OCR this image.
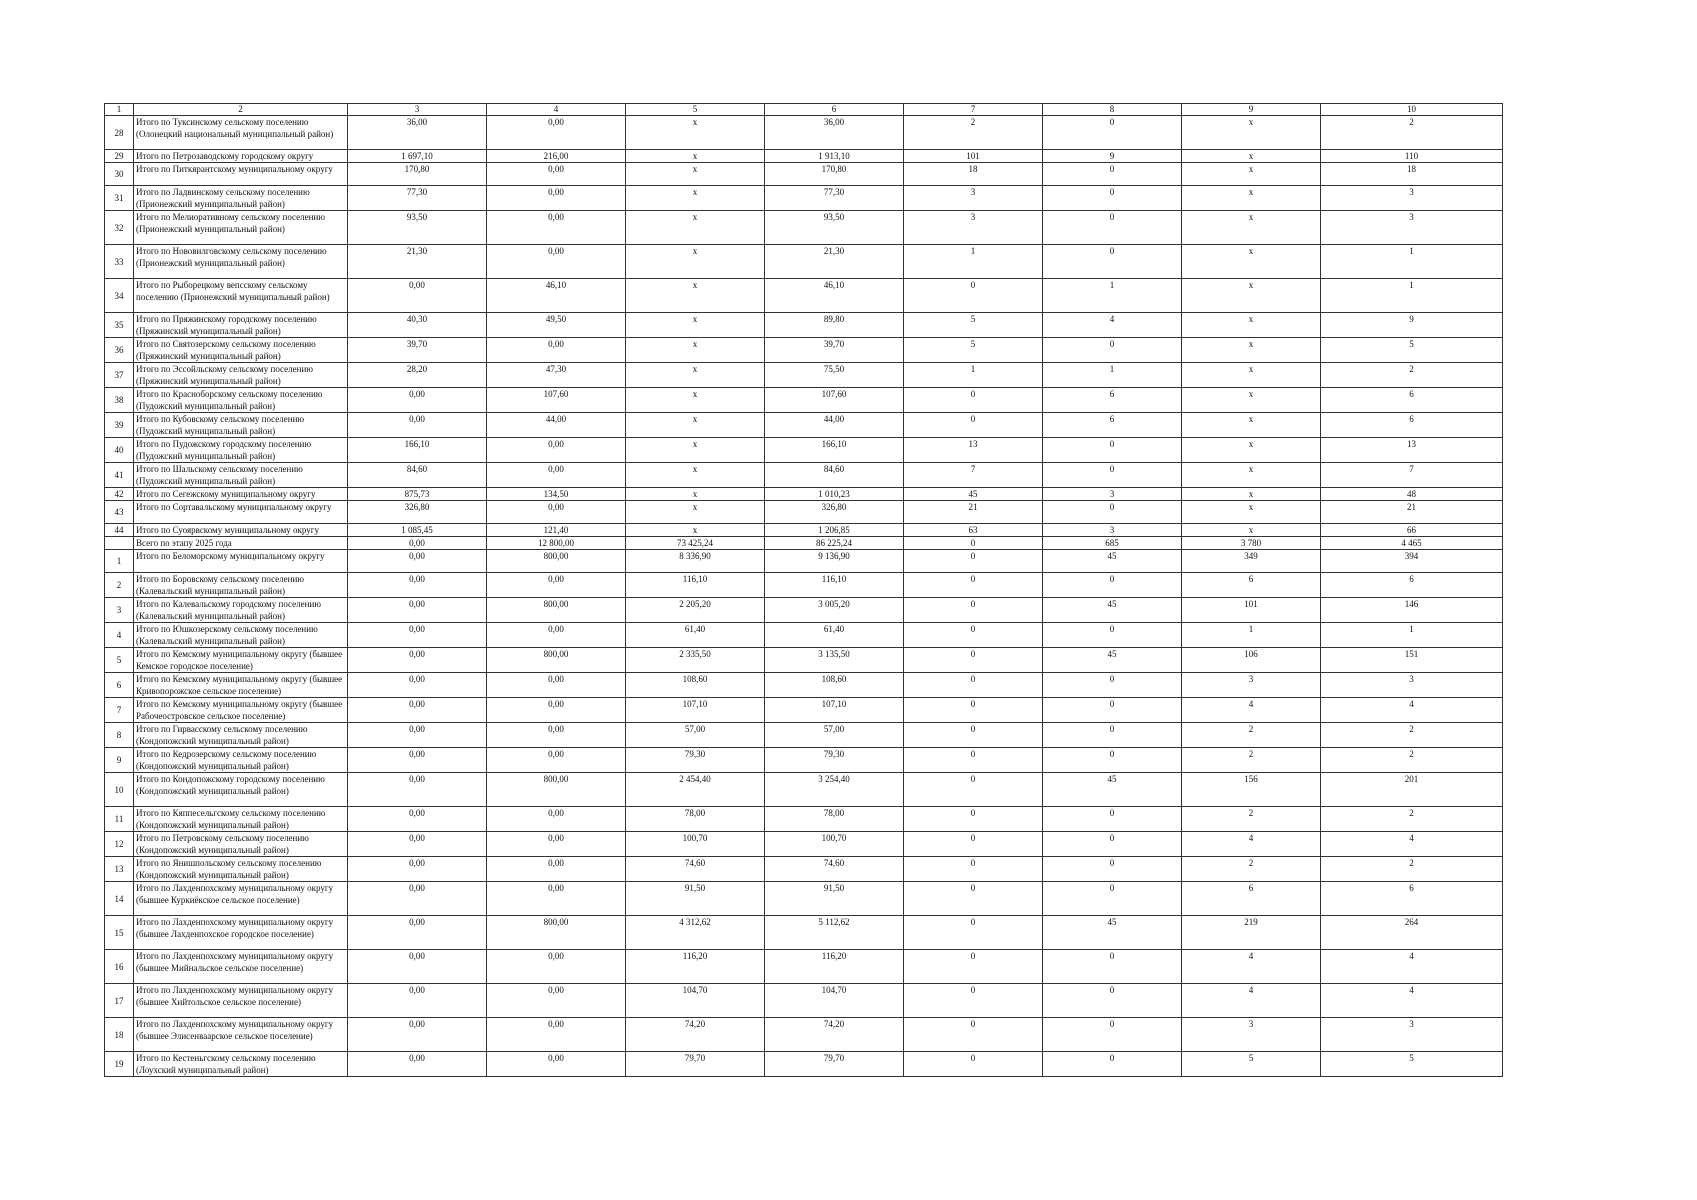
1	2	3	4	5	6	7	8	9	10
28	Итого по Туксинскому сельскому поселению (Олонецкий национальный муниципальный район)	36,00	0,00	x	36,00	2	0	x	2
29	Итого по Петрозаводскому городскому округу	1 697,10	216,00	x	1 913,10	101	9	x	110
30	Итого по Питкярантскому муниципальному округу	170,80	0,00	x	170,80	18	0	x	18
31	Итого по Ладвинскому сельскому поселению (Прионежский муниципальный район)	77,30	0,00	x	77,30	3	0	x	3
32	Итого по Мелиоративному сельскому поселению (Прионежский муниципальный район)	93,50	0,00	x	93,50	3	0	x	3
33	Итого по Нововилговскому сельскому поселению (Прионежский муниципальный район)	21,30	0,00	x	21,30	1	0	x	1
34	Итого по Рыборецкому вепсскому сельскому поселению (Прионежский муниципальный район)	0,00	46,10	x	46,10	0	1	x	1
35	Итого по Пряжинскому городскому поселению (Пряжинский муниципальный район)	40,30	49,50	x	89,80	5	4	x	9
36	Итого по Святозерскому сельскому поселению (Пряжинский муниципальный район)	39,70	0,00	x	39,70	5	0	x	5
37	Итого по Эссойльскому сельскому поселению (Пряжинский муниципальный район)	28,20	47,30	x	75,50	1	1	x	2
38	Итого по Красноборскому сельскому поселению (Пудожский муниципальный район)	0,00	107,60	x	107,60	0	6	x	6
39	Итого по Кубовскому сельскому поселению (Пудожский муниципальный район)	0,00	44,00	x	44,00	0	6	x	6
40	Итого по Пудожскому городскому поселению (Пудожский муниципальный район)	166,10	0,00	x	166,10	13	0	x	13
41	Итого по Шальскому сельскому поселению (Пудожский муниципальный район)	84,60	0,00	x	84,60	7	0	x	7
42	Итого по Сегежскому муниципальному округу	875,73	134,50	x	1 010,23	45	3	x	48
43	Итого по Сортавальскому муниципальному округу	326,80	0,00	x	326,80	21	0	x	21
44	Итого по Суоярвскому муниципальному округу	1 085,45	121,40	x	1 206,85	63	3	x	66
	Всего по этапу 2025 года	0,00	12 800,00	73 425,24	86 225,24	0	685	3 780	4 465
1	Итого по Беломорскому муниципальному округу	0,00	800,00	8 336,90	9 136,90	0	45	349	394
2	Итого по Боровскому сельскому поселению (Калевальский муниципальный район)	0,00	0,00	116,10	116,10	0	0	6	6
3	Итого по Калевальскому городскому поселению (Калевальский муниципальный район)	0,00	800,00	2 205,20	3 005,20	0	45	101	146
4	Итого по Юшкозерскому сельскому поселению (Калевальский муниципальный район)	0,00	0,00	61,40	61,40	0	0	1	1
5	Итого по Кемскому муниципальному округу (бывшее Кемское городское поселение)	0,00	800,00	2 335,50	3 135,50	0	45	106	151
6	Итого по Кемскому муниципальному округу (бывшее Кривопорожское сельское поселение)	0,00	0,00	108,60	108,60	0	0	3	3
7	Итого по Кемскому муниципальному округу (бывшее Рабочеостровское сельское поселение)	0,00	0,00	107,10	107,10	0	0	4	4
8	Итого по Гирвасскому сельскому поселению (Кондопожский муниципальный район)	0,00	0,00	57,00	57,00	0	0	2	2
9	Итого по Кедрозерскому сельскому поселению (Кондопожский муниципальный район)	0,00	0,00	79,30	79,30	0	0	2	2
10	Итого по Кондопожскому городскому поселению (Кондопожский муниципальный район)	0,00	800,00	2 454,40	3 254,40	0	45	156	201
11	Итого по Кяппесельгскому сельскому поселению (Кондопожский муниципальный район)	0,00	0,00	78,00	78,00	0	0	2	2
12	Итого по Петровскому сельскому поселению (Кондопожский муниципальный район)	0,00	0,00	100,70	100,70	0	0	4	4
13	Итого по Янишпольскому сельскому поселению (Кондопожский муниципальный район)	0,00	0,00	74,60	74,60	0	0	2	2
14	Итого по Лахденпохскому муниципальному округу (бывшее Куркиёкское сельское поселение)	0,00	0,00	91,50	91,50	0	0	6	6
15	Итого по Лахденпохскому муниципальному округу (бывшее Лахденпохское городское поселение)	0,00	800,00	4 312,62	5 112,62	0	45	219	264
16	Итого по Лахденпохскому муниципальному округу (бывшее Мийнальское сельское поселение)	0,00	0,00	116,20	116,20	0	0	4	4
17	Итого по Лахденпохскому муниципальному округу (бывшее Хийтольское сельское поселение)	0,00	0,00	104,70	104,70	0	0	4	4
18	Итого по Лахденпохскому муниципальному округу (бывшее Элисенваарское сельское поселение)	0,00	0,00	74,20	74,20	0	0	3	3
19	Итого по Кестеньгскому сельскому поселению (Лоухский муниципальный район)	0,00	0,00	79,70	79,70	0	0	5	5
